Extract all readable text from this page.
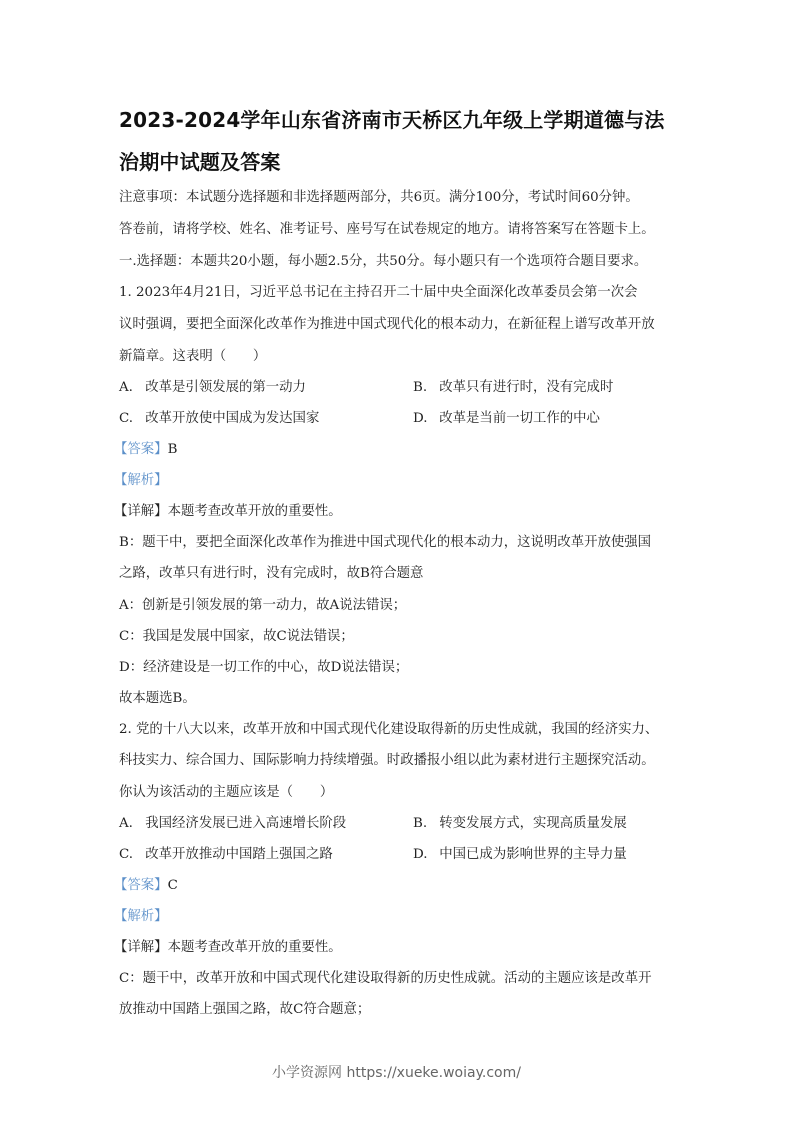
2023-2024学年山东省济南市天桥区九年级上学期道德与法
治期中试题及答案
注意事项：本试题分选择题和非选择题两部分，共6页。满分100分，考试时间60分钟。
答卷前，请将学校、姓名、准考证号、座号写在试卷规定的地方。请将答案写在答题卡上。
一.选择题：本题共20小题，每小题2.5分，共50分。每小题只有一个选项符合题目要求。
1. 2023年4月21日，习近平总书记在主持召开二十届中央全面深化改革委员会第一次会
议时强调，要把全面深化改革作为推进中国式现代化的根本动力，在新征程上谱写改革开放
新篇章。这表明（　　）
A. 改革是引领发展的第一动力	B. 改革只有进行时，没有完成时
C. 改革开放使中国成为发达国家	D. 改革是当前一切工作的中心
【答案】B
【解析】
【详解】本题考查改革开放的重要性。
B：题干中，要把全面深化改革作为推进中国式现代化的根本动力，这说明改革开放使强国
之路，改革只有进行时，没有完成时，故B符合题意
A：创新是引领发展的第一动力，故A说法错误；
C：我国是发展中国家，故C说法错误；
D：经济建设是一切工作的中心，故D说法错误；
故本题选B。
2. 党的十八大以来，改革开放和中国式现代化建设取得新的历史性成就，我国的经济实力、
科技实力、综合国力、国际影响力持续增强。时政播报小组以此为素材进行主题探究活动。
你认为该活动的主题应该是（　　）
A. 我国经济发展已进入高速增长阶段	B. 转变发展方式，实现高质量发展
C. 改革开放推动中国踏上强国之路	D. 中国已成为影响世界的主导力量
【答案】C
【解析】
【详解】本题考查改革开放的重要性。
C：题干中，改革开放和中国式现代化建设取得新的历史性成就。活动的主题应该是改革开
放推动中国踏上强国之路，故C符合题意；
小学资源网 https://xueke.woiay.com/
